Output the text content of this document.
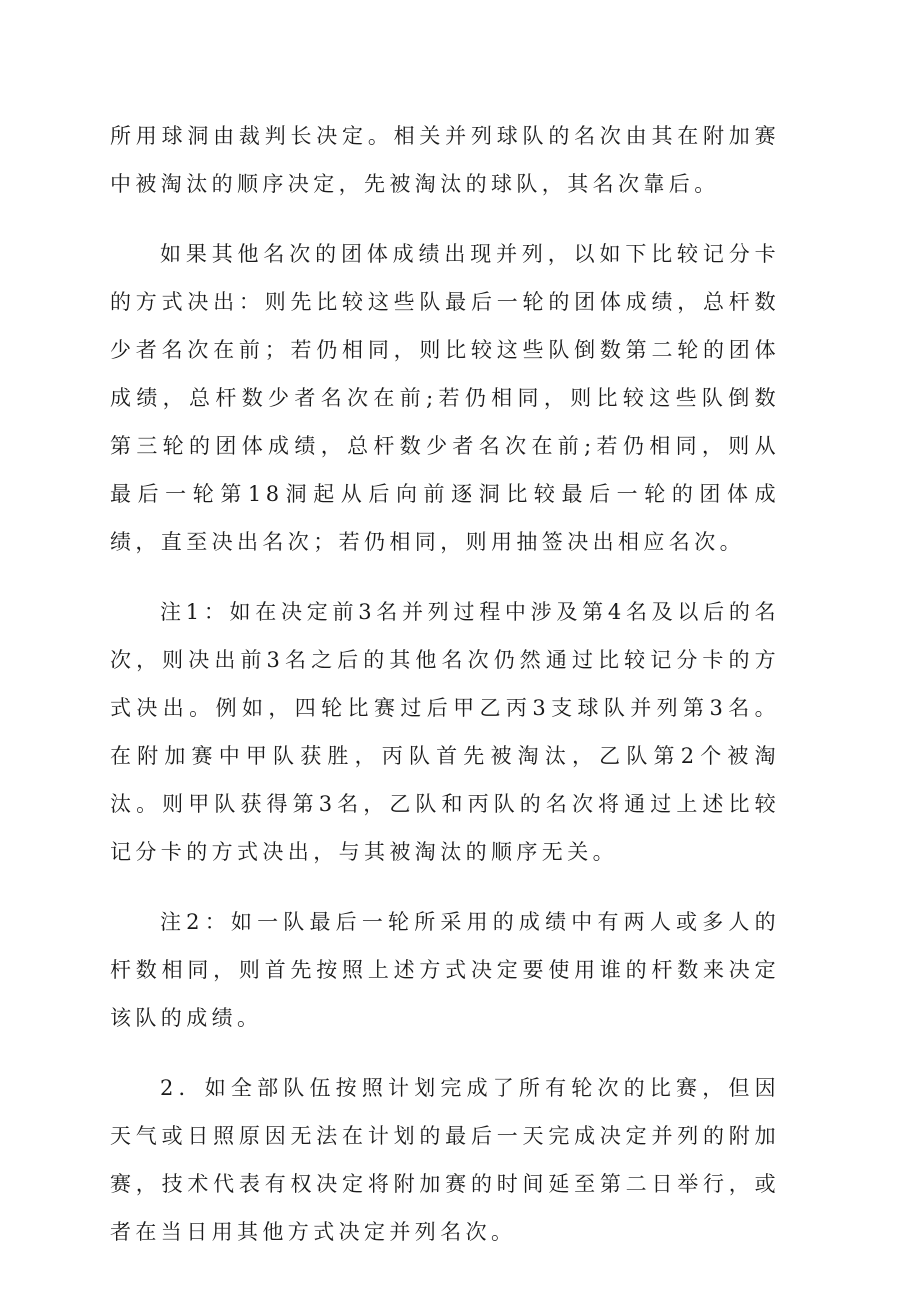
所用球洞由裁判长决定。相关并列球队的名次由其在附加赛中被淘汰的顺序决定，先被淘汰的球队，其名次靠后。

如果其他名次的团体成绩出现并列，以如下比较记分卡的方式决出：则先比较这些队最后一轮的团体成绩，总杆数少者名次在前；若仍相同，则比较这些队倒数第二轮的团体成绩，总杆数少者名次在前;若仍相同，则比较这些队倒数第三轮的团体成绩，总杆数少者名次在前;若仍相同，则从最后一轮第18洞起从后向前逐洞比较最后一轮的团体成绩，直至决出名次；若仍相同，则用抽签决出相应名次。

注1：如在决定前3名并列过程中涉及第4名及以后的名次，则决出前3名之后的其他名次仍然通过比较记分卡的方式决出。例如，四轮比赛过后甲乙丙3支球队并列第3名。在附加赛中甲队获胜，丙队首先被淘汰，乙队第2个被淘汰。则甲队获得第3名，乙队和丙队的名次将通过上述比较记分卡的方式决出，与其被淘汰的顺序无关。

注2：如一队最后一轮所采用的成绩中有两人或多人的杆数相同，则首先按照上述方式决定要使用谁的杆数来决定该队的成绩。

2．如全部队伍按照计划完成了所有轮次的比赛，但因天气或日照原因无法在计划的最后一天完成决定并列的附加赛，技术代表有权决定将附加赛的时间延至第二日举行，或者在当日用其他方式决定并列名次。
